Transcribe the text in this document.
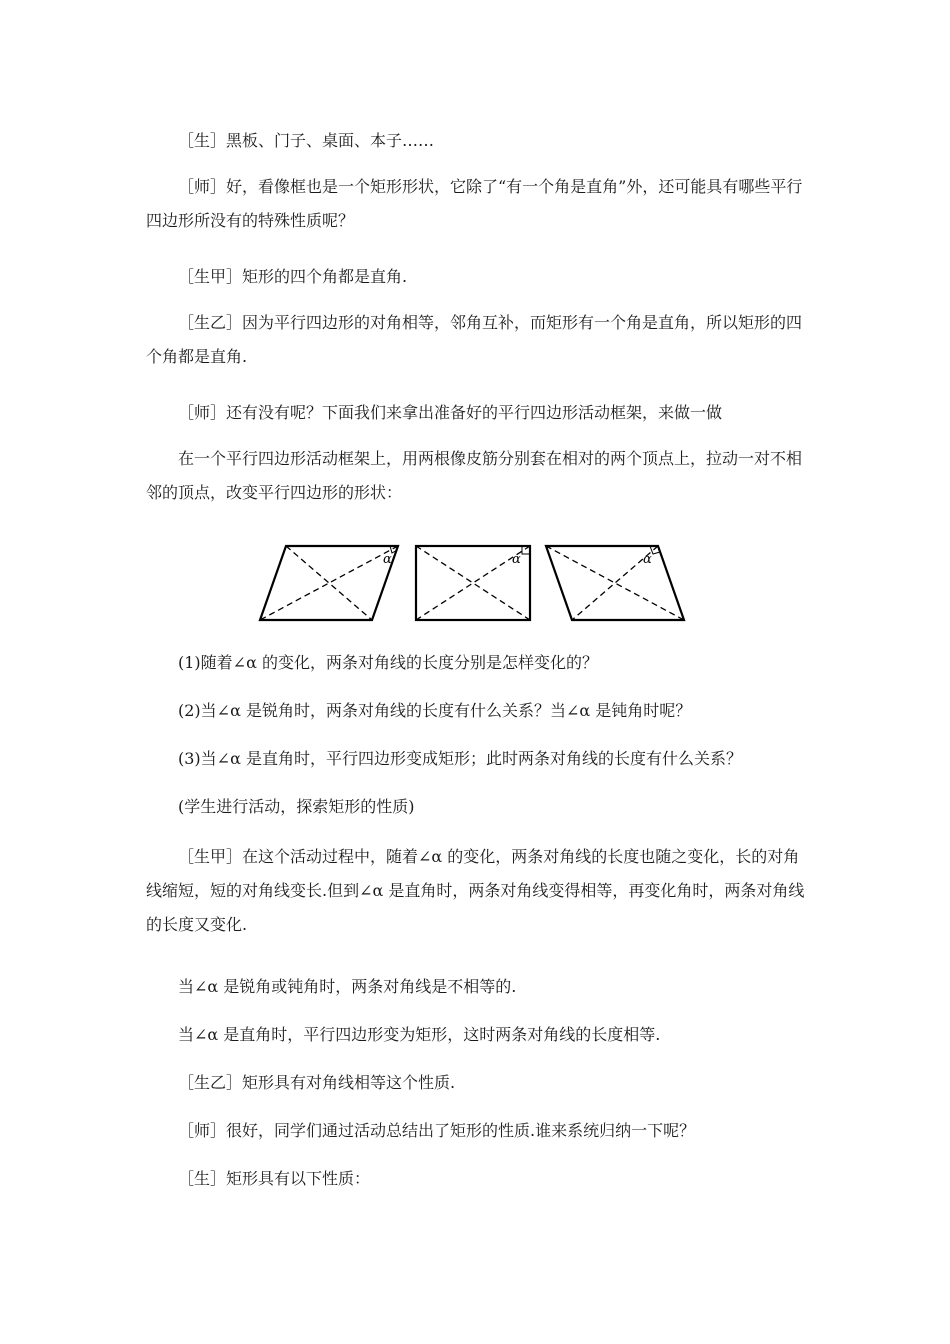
［生］黑板、门子、桌面、本子……

［师］好，看像框也是一个矩形形状，它除了“有一个角是直角”外，还可能具有哪些平行四边形所没有的特殊性质呢？

［生甲］矩形的四个角都是直角.

［生乙］因为平行四边形的对角相等，邻角互补，而矩形有一个角是直角，所以矩形的四个角都是直角.

［师］还有没有呢？下面我们来拿出准备好的平行四边形活动框架，来做一做

在一个平行四边形活动框架上，用两根像皮筋分别套在相对的两个顶点上，拉动一对不相邻的顶点，改变平行四边形的形状：

α	α	α

(1)随着∠α 的变化，两条对角线的长度分别是怎样变化的？

(2)当∠α 是锐角时，两条对角线的长度有什么关系？当∠α 是钝角时呢？

(3)当∠α 是直角时，平行四边形变成矩形；此时两条对角线的长度有什么关系？

(学生进行活动，探索矩形的性质)

［生甲］在这个活动过程中，随着∠α 的变化，两条对角线的长度也随之变化，长的对角线缩短，短的对角线变长.但到∠α 是直角时，两条对角线变得相等，再变化角时，两条对角线的长度又变化.

当∠α 是锐角或钝角时，两条对角线是不相等的.

当∠α 是直角时，平行四边形变为矩形，这时两条对角线的长度相等.

［生乙］矩形具有对角线相等这个性质.

［师］很好，同学们通过活动总结出了矩形的性质.谁来系统归纳一下呢？

［生］矩形具有以下性质：
